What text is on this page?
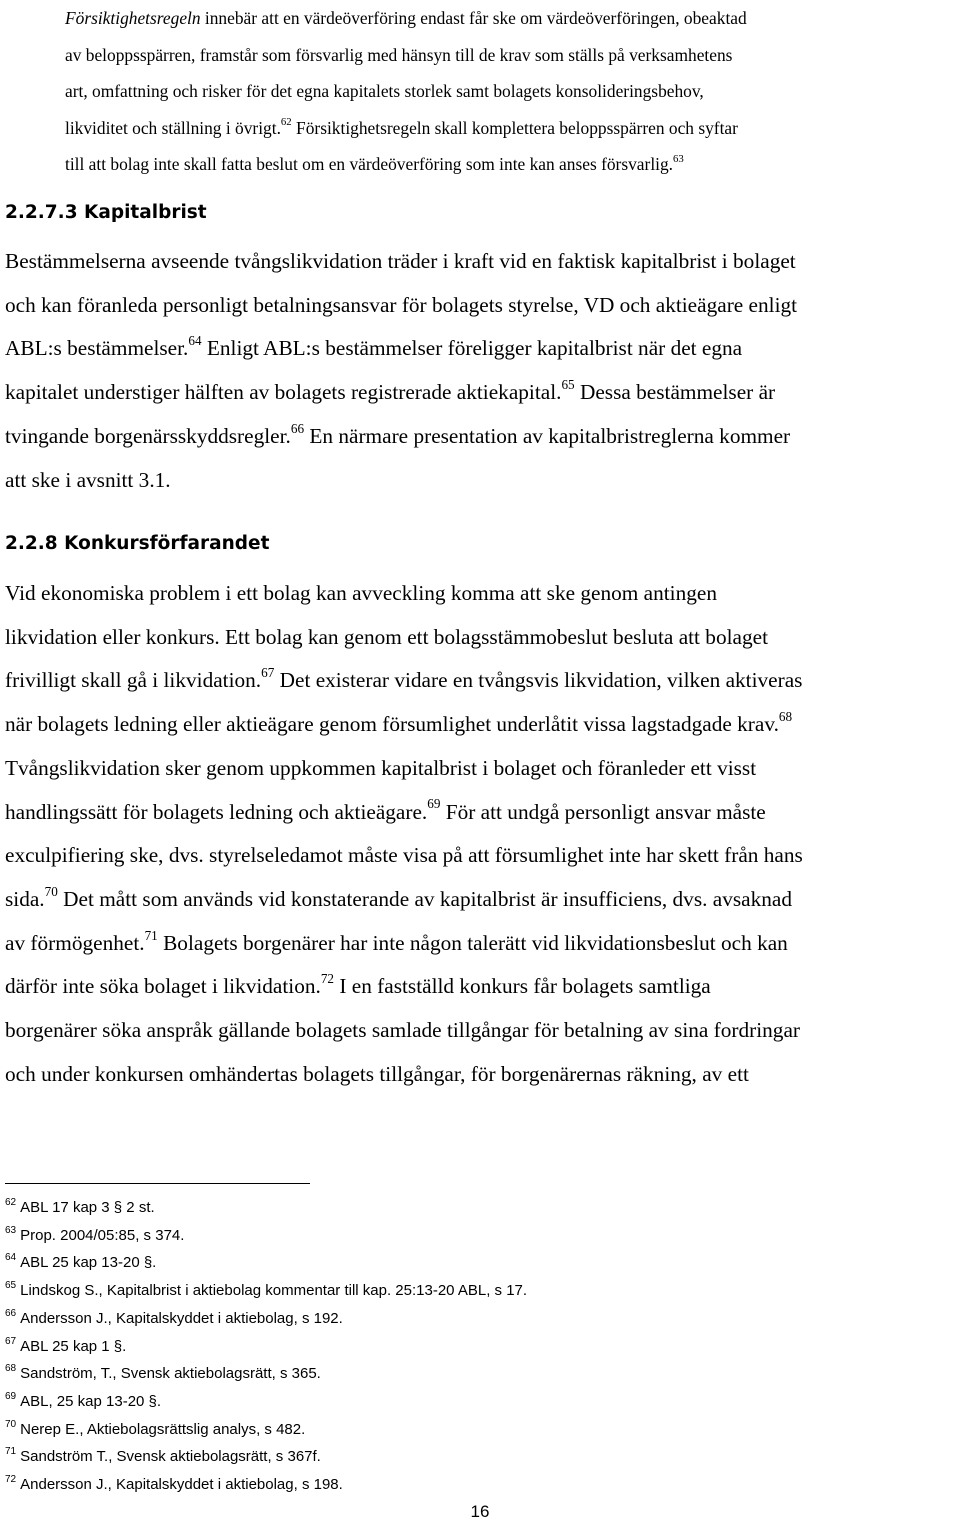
Försiktighetsregeln innebär att en värdeöverföring endast får ske om värdeöverföringen, obeaktad
av beloppsspärren, framstår som försvarlig med hänsyn till de krav som ställs på verksamhetens
art, omfattning och risker för det egna kapitalets storlek samt bolagets konsolideringsbehov,
likviditet och ställning i övrigt.$^{62}$ Försiktighetsregeln skall komplettera beloppsspärren och syftar
till att bolag inte skall fatta beslut om en värdeöverföring som inte kan anses försvarlig.$^{63}$
2.2.7.3 Kapitalbrist
Bestämmelserna avseende tvångslikvidation träder i kraft vid en faktisk kapitalbrist i bolaget
och kan föranleda personligt betalningsansvar för bolagets styrelse, VD och aktieägare enligt
ABL:s bestämmelser.$^{64}$ Enligt ABL:s bestämmelser föreligger kapitalbrist när det egna
kapitalet understiger hälften av bolagets registrerade aktiekapital.$^{65}$ Dessa bestämmelser är
tvingande borgenärsskyddsregler.$^{66}$ En närmare presentation av kapitalbristreglerna kommer
att ske i avsnitt 3.1.
2.2.8 Konkursförfarandet
Vid ekonomiska problem i ett bolag kan avveckling komma att ske genom antingen
likvidation eller konkurs. Ett bolag kan genom ett bolagsstämmobeslut besluta att bolaget
frivilligt skall gå i likvidation.$^{67}$ Det existerar vidare en tvångsvis likvidation, vilken aktiveras
när bolagets ledning eller aktieägare genom försumlighet underlåtit vissa lagstadgade krav.$^{68}$
Tvångslikvidation sker genom uppkommen kapitalbrist i bolaget och föranleder ett visst
handlingssätt för bolagets ledning och aktieägare.$^{69}$ För att undgå personligt ansvar måste
exculpifiering ske, dvs. styrelseledamot måste visa på att försumlighet inte har skett från hans
sida.$^{70}$ Det mått som används vid konstaterande av kapitalbrist är insufficiens, dvs. avsaknad
av förmögenhet.$^{71}$ Bolagets borgenärer har inte någon talerätt vid likvidationsbeslut och kan
därför inte söka bolaget i likvidation.$^{72}$ I en fastställd konkurs får bolagets samtliga
borgenärer söka anspråk gällande bolagets samlade tillgångar för betalning av sina fordringar
och under konkursen omhändertas bolagets tillgångar, för borgenärernas räkning, av ett
$^{62}$ ABL 17 kap 3 § 2 st.
$^{63}$ Prop. 2004/05:85, s 374.
$^{64}$ ABL 25 kap 13-20 §.
$^{65}$ Lindskog S., Kapitalbrist i aktiebolag kommentar till kap. 25:13-20 ABL, s 17.
$^{66}$ Andersson J., Kapitalskyddet i aktiebolag, s 192.
$^{67}$ ABL 25 kap 1 §.
$^{68}$ Sandström, T., Svensk aktiebolagsrätt, s 365.
$^{69}$ ABL, 25 kap 13-20 §.
$^{70}$ Nerep E., Aktiebolagsrättslig analys, s 482.
$^{71}$ Sandström T., Svensk aktiebolagsrätt, s 367f.
$^{72}$ Andersson J., Kapitalskyddet i aktiebolag, s 198.
16
